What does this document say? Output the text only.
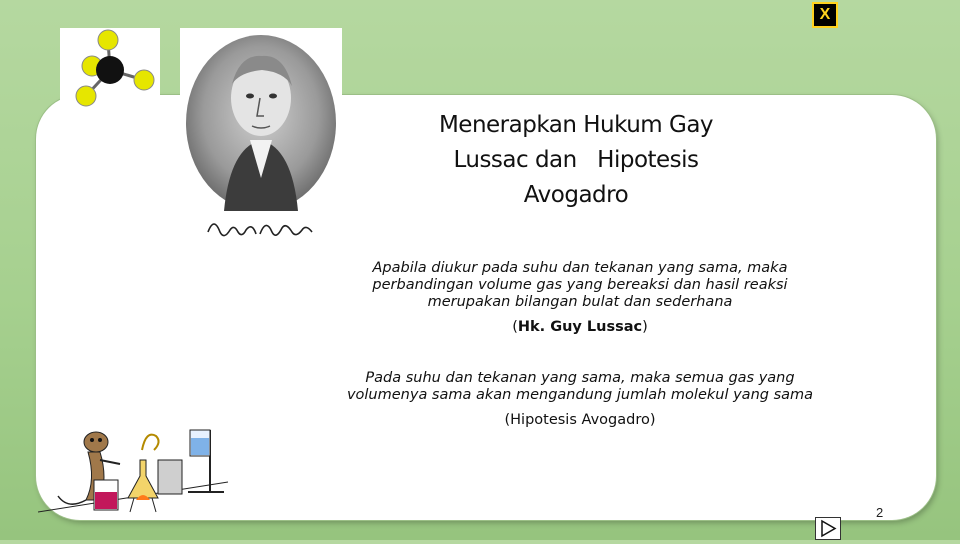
X
Menerapkan Hukum Gay
Lussac dan   Hipotesis
Avogadro
Apabila diukur pada suhu dan tekanan yang sama, maka perbandingan volume gas yang bereaksi dan hasil reaksi merupakan bilangan bulat dan sederhana
(Hk. Guy Lussac)
Pada suhu dan tekanan yang sama, maka semua gas yang volumenya sama akan mengandung jumlah molekul yang sama
(Hipotesis Avogadro)
2
